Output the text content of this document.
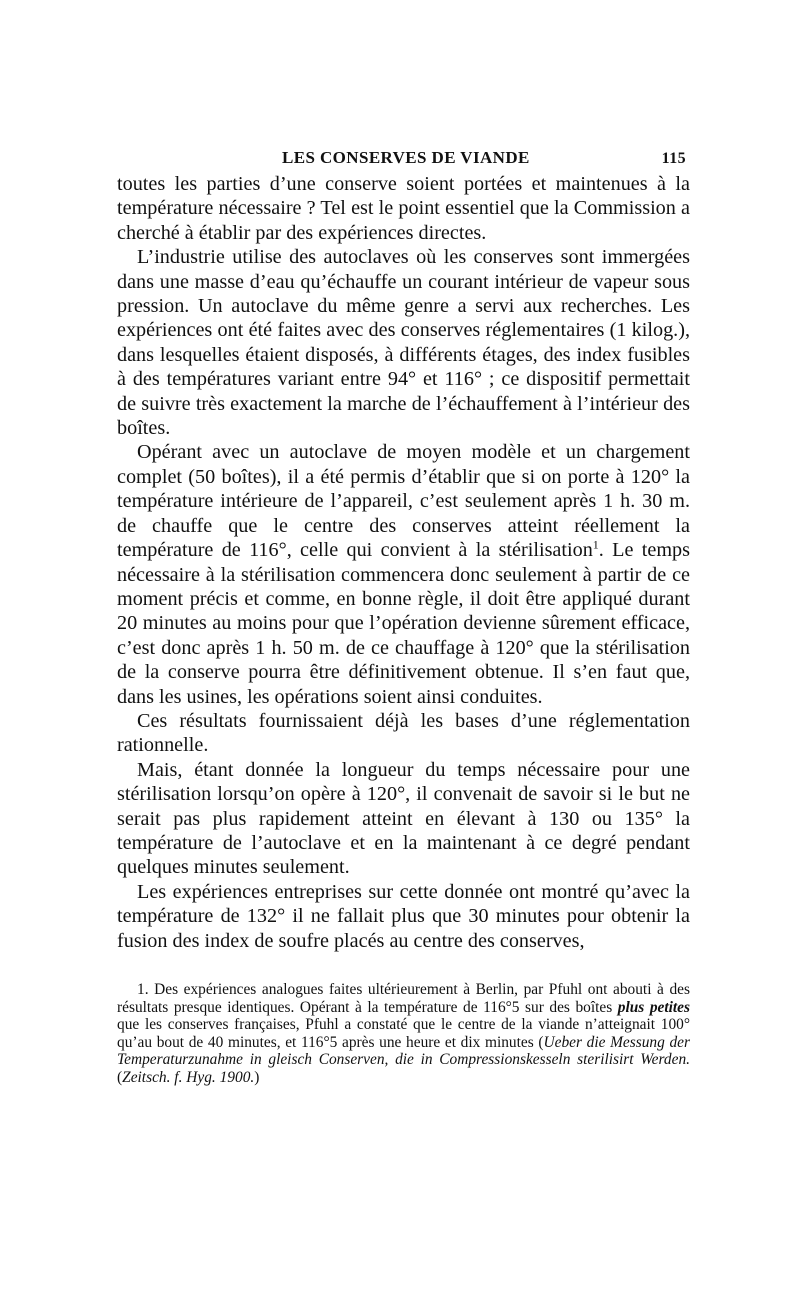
LES CONSERVES DE VIANDE	115

toutes les parties d’une conserve soient portées et maintenues à la température nécessaire ? Tel est le point essentiel que la Commission a cherché à établir par des expériences directes.

L’industrie utilise des autoclaves où les conserves sont immergées dans une masse d’eau qu’échauffe un courant intérieur de vapeur sous pression. Un autoclave du même genre a servi aux recherches. Les expériences ont été faites avec des conserves réglementaires (1 kilog.), dans lesquelles étaient disposés, à différents étages, des index fusibles à des températures variant entre 94° et 116° ; ce dispositif permettait de suivre très exactement la marche de l’échauffement à l’intérieur des boîtes.

Opérant avec un autoclave de moyen modèle et un chargement complet (50 boîtes), il a été permis d’établir que si on porte à 120° la température intérieure de l’appareil, c’est seulement après 1 h. 30 m. de chauffe que le centre des conserves atteint réellement la température de 116°, celle qui convient à la stérilisation$^1$. Le temps nécessaire à la stérilisation commencera donc seulement à partir de ce moment précis et comme, en bonne règle, il doit être appliqué durant 20 minutes au moins pour que l’opération devienne sûrement efficace, c’est donc après 1 h. 50 m. de ce chauffage à 120° que la stérilisation de la conserve pourra être définitivement obtenue. Il s’en faut que, dans les usines, les opérations soient ainsi conduites.

Ces résultats fournissaient déjà les bases d’une réglementation rationnelle.

Mais, étant donnée la longueur du temps nécessaire pour une stérilisation lorsqu’on opère à 120°, il convenait de savoir si le but ne serait pas plus rapidement atteint en élevant à 130 ou 135° la température de l’autoclave et en la maintenant à ce degré pendant quelques minutes seulement.

Les expériences entreprises sur cette donnée ont montré qu’avec la température de 132° il ne fallait plus que 30 minutes pour obtenir la fusion des index de soufre placés au centre des conserves,

1. Des expériences analogues faites ultérieurement à Berlin, par Pfuhl ont abouti à des résultats presque identiques. Opérant à la température de 116°5 sur des boîtes plus petites que les conserves françaises, Pfuhl a constaté que le centre de la viande n’atteignait 100° qu’au bout de 40 minutes, et 116°5 après une heure et dix minutes (Ueber die Messung der Temperaturzunahme in gleisch Conserven, die in Compressionskesseln sterilisirt Werden. (Zeitsch. f. Hyg. 1900.)
